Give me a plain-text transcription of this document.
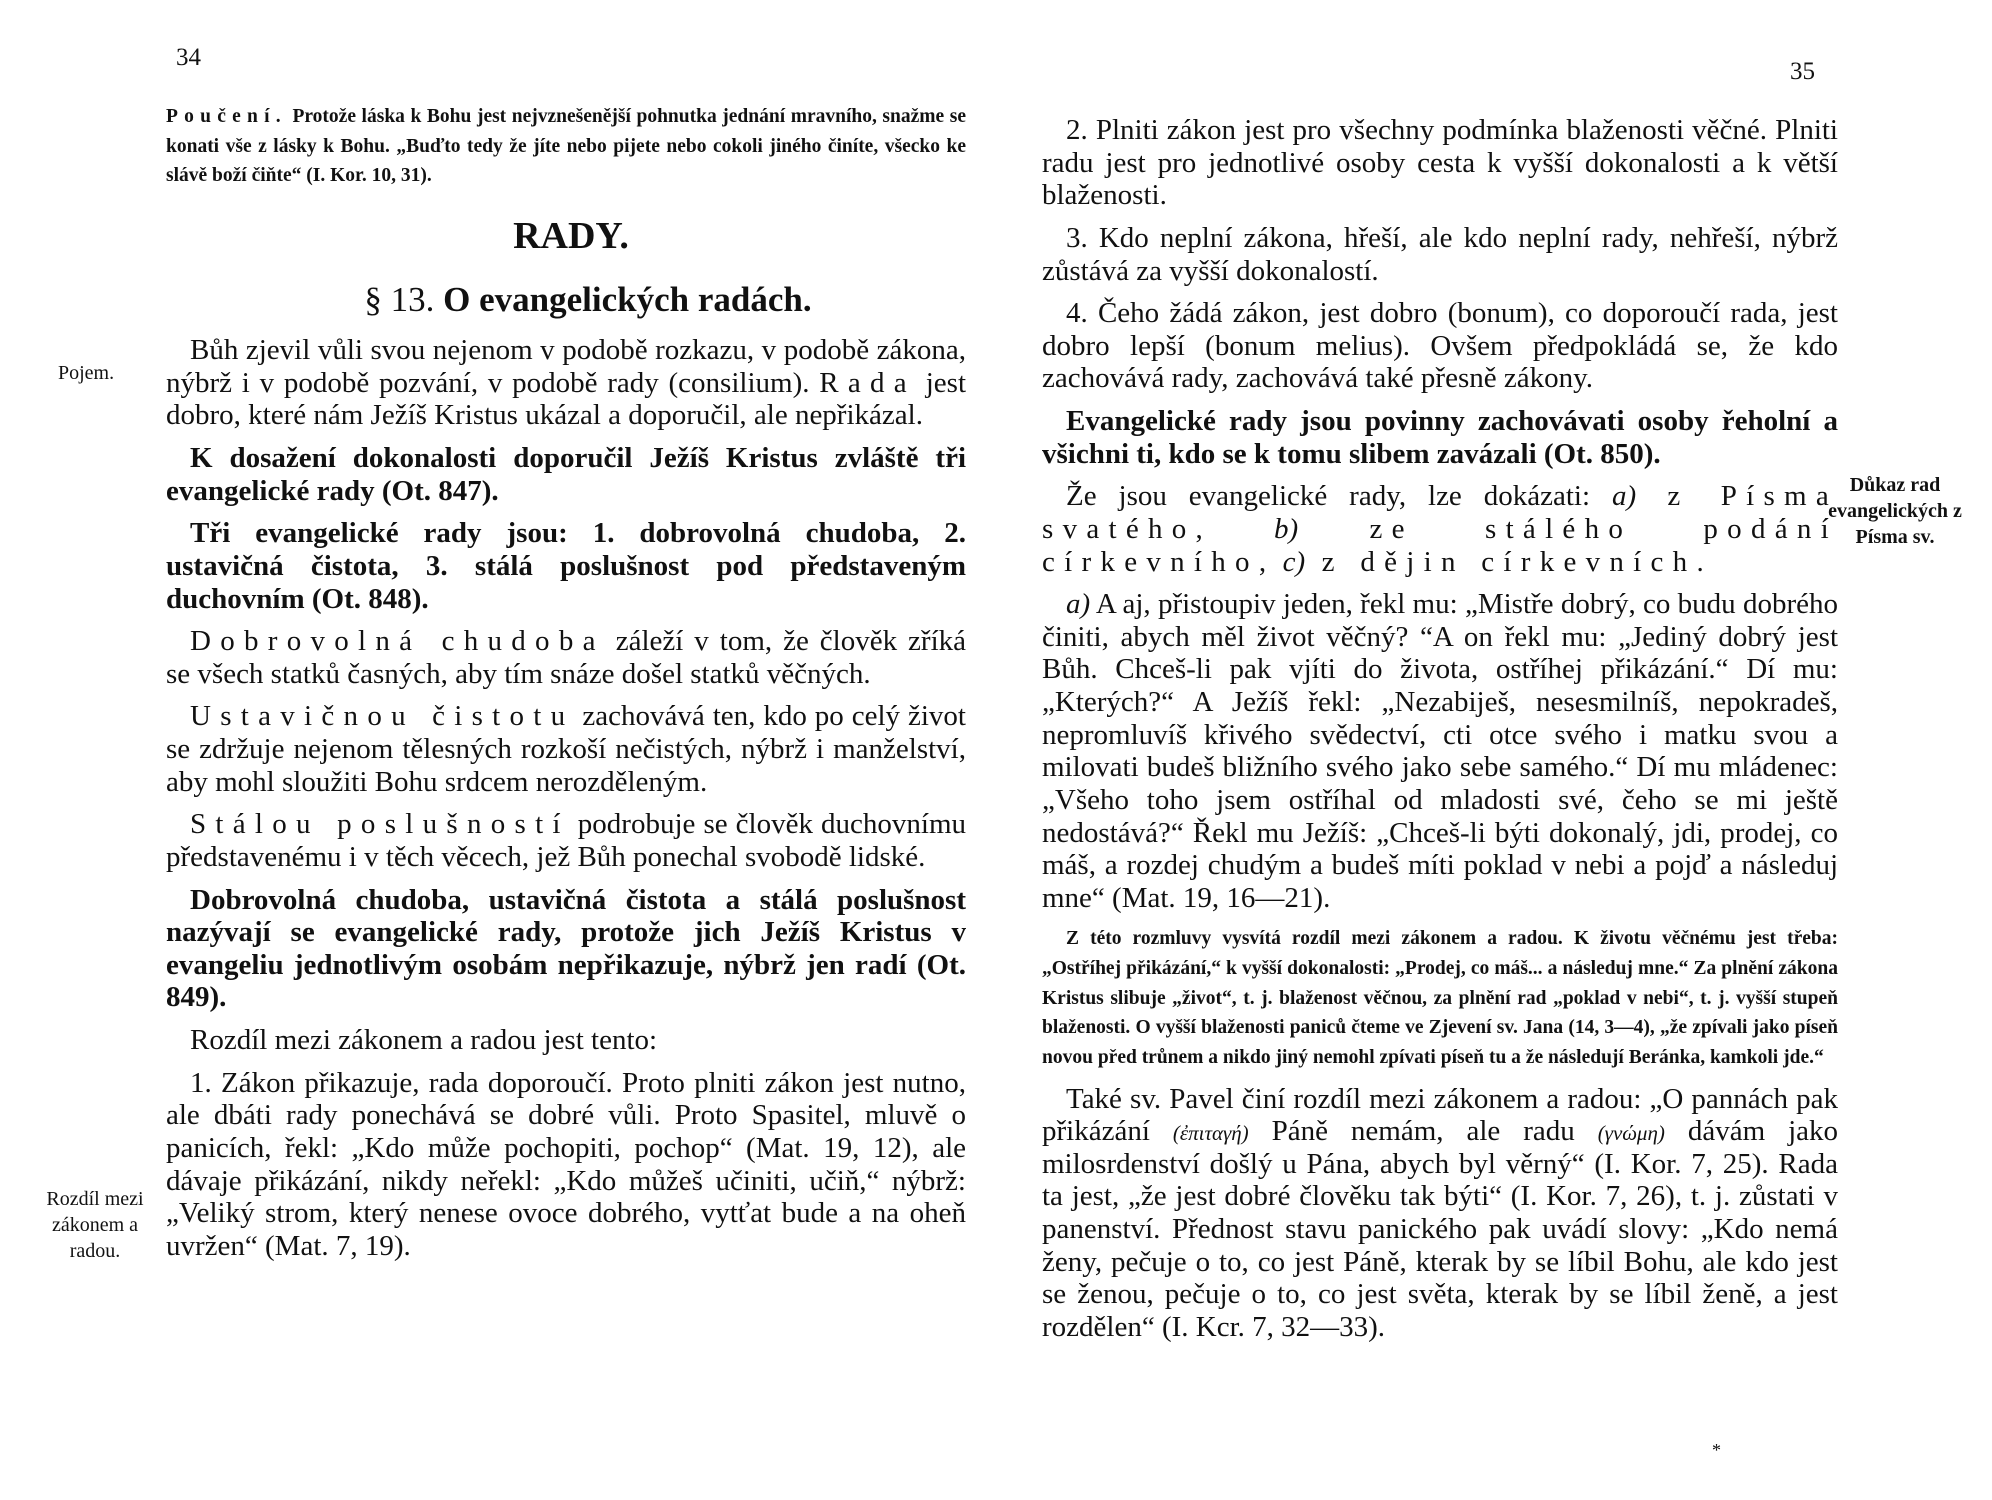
34
35
Pojem.
Rozdíl mezi zákonem a radou.
Důkaz rad evangelických z Písma sv.

Poučení. Protože láska k Bohu jest nejvznešenější pohnutka jednání mravního, snažme se konati vše z lásky k Bohu. „Buďto tedy že jíte nebo pijete nebo cokoli jiného činíte, všecko ke slávě boží čiňte“ (I. Kor. 10, 31).

RADY.
§ 13. O evangelických radách.

Bůh zjevil vůli svou nejenom v podobě rozkazu, v podobě zákona, nýbrž i v podobě pozvání, v podobě rady (consilium). Rada jest dobro, které nám Ježíš Kristus ukázal a doporučil, ale nepřikázal.

K dosažení dokonalosti doporučil Ježíš Kristus zvláště tři evangelické rady (Ot. 847).

Tři evangelické rady jsou: 1. dobrovolná chudoba, 2. ustavičná čistota, 3. stálá poslušnost pod představeným duchovním (Ot. 848).

Dobrovolná chudoba záleží v tom, že člověk zříká se všech statků časných, aby tím snáze došel statků věčných.

Ustavičnou čistotu zachovává ten, kdo po celý život se zdržuje nejenom tělesných rozkoší nečistých, nýbrž i manželství, aby mohl sloužiti Bohu srdcem nerozděleným.

Stálou poslušností podrobuje se člověk duchovnímu představenému i v těch věcech, jež Bůh ponechal svobodě lidské.

Dobrovolná chudoba, ustavičná čistota a stálá poslušnost nazývají se evangelické rady, protože jich Ježíš Kristus v evangeliu jednotlivým osobám nepřikazuje, nýbrž jen radí (Ot. 849).

Rozdíl mezi zákonem a radou jest tento:

1. Zákon přikazuje, rada doporoučí. Proto plniti zákon jest nutno, ale dbáti rady ponechává se dobré vůli. Proto Spasitel, mluvě o panicích, řekl: „Kdo může pochopiti, pochop“ (Mat. 19, 12), ale dávaje přikázání, nikdy neřekl: „Kdo můžeš učiniti, učiň,“ nýbrž: „Veliký strom, který nenese ovoce dobrého, vytťat bude a na oheň uvržen“ (Mat. 7, 19).

2. Plniti zákon jest pro všechny podmínka blaženosti věčné. Plniti radu jest pro jednotlivé osoby cesta k vyšší dokonalosti a k větší blaženosti.

3. Kdo neplní zákona, hřeší, ale kdo neplní rady, nehřeší, nýbrž zůstává za vyšší dokonalostí.

4. Čeho žádá zákon, jest dobro (bonum), co doporoučí rada, jest dobro lepší (bonum melius). Ovšem předpokládá se, že kdo zachovává rady, zachovává také přesně zákony.

Evangelické rady jsou povinny zachovávati osoby řeholní a všichni ti, kdo se k tomu slibem zavázali (Ot. 850).

Že jsou evangelické rady, lze dokázati: a) z Písma svatého, b) ze stálého podání církevního, c) z dějin církevních.

a) A aj, přistoupiv jeden, řekl mu: „Mistře dobrý, co budu dobrého činiti, abych měl život věčný? “A on řekl mu: „Jediný dobrý jest Bůh. Chceš-li pak vjíti do života, ostříhej přikázání.“ Dí mu: „Kterých?“ A Ježíš řekl: „Nezabiješ, nesesmilníš, nepokradeš, nepromluvíš křivého svědectví, cti otce svého i matku svou a milovati budeš bližního svého jako sebe samého.“ Dí mu mládenec: „Všeho toho jsem ostříhal od mladosti své, čeho se mi ještě nedostává?“ Řekl mu Ježíš: „Chceš-li býti dokonalý, jdi, prodej, co máš, a rozdej chudým a budeš míti poklad v nebi a pojď a následuj mne“ (Mat. 19, 16—21).

Z této rozmluvy vysvítá rozdíl mezi zákonem a radou. K životu věčnému jest třeba: „Ostříhej přikázání,“ k vyšší dokonalosti: „Prodej, co máš... a následuj mne.“ Za plnění zákona Kristus slibuje „život“, t. j. blaženost věčnou, za plnění rad „poklad v nebi“, t. j. vyšší stupeň blaženosti. O vyšší blaženosti paniců čteme ve Zjevení sv. Jana (14, 3—4), „že zpívali jako píseň novou před trůnem a nikdo jiný nemohl zpívati píseň tu a že následují Beránka, kamkoli jde.“

Také sv. Pavel činí rozdíl mezi zákonem a radou: „O pannách pak přikázání (ἐπιταγή) Páně nemám, ale radu (γνώμη) dávám jako milosrdenství došlý u Pána, abych byl věrný“ (I. Kor. 7, 25). Rada ta jest, „že jest dobré člověku tak býti“ (I. Kor. 7, 26), t. j. zůstati v panenství. Přednost stavu panického pak uvádí slovy: „Kdo nemá ženy, pečuje o to, co jest Páně, kterak by se líbil Bohu, ale kdo jest se ženou, pečuje o to, co jest světa, kterak by se líbil ženě, a jest rozdělen“ (I. Kcr. 7, 32—33).

*
